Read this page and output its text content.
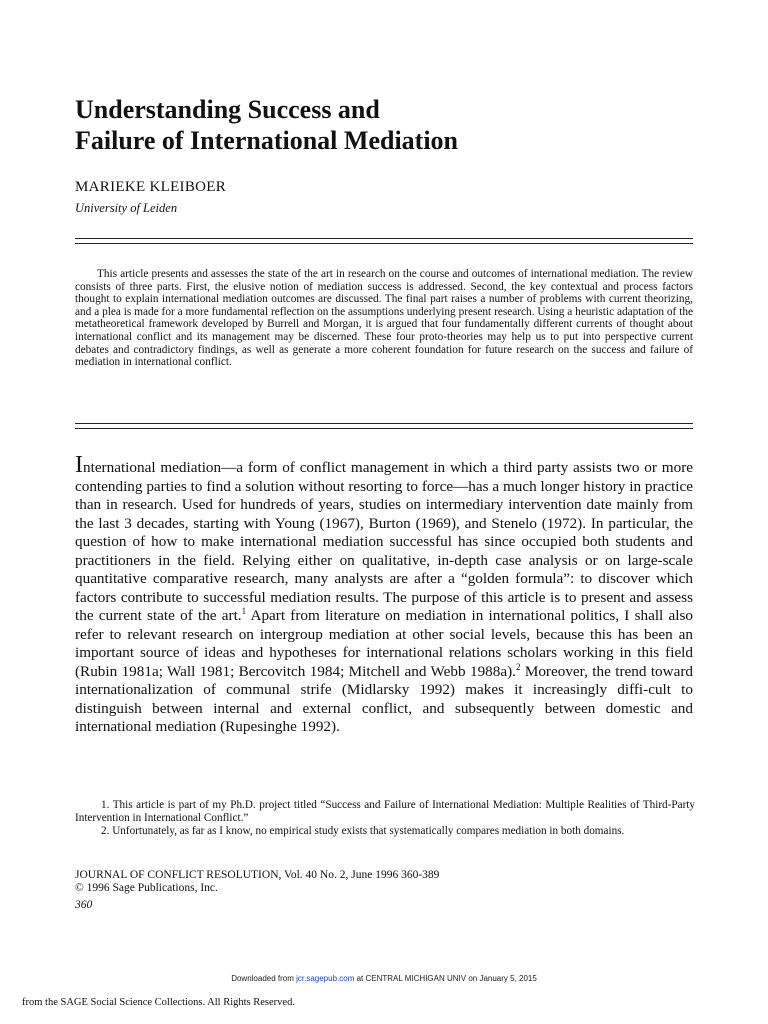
Understanding Success and
Failure of International Mediation
MARIEKE KLEIBOER
University of Leiden

This article presents and assesses the state of the art in research on the course and outcomes of international mediation. The review consists of three parts. First, the elusive notion of mediation success is addressed. Second, the key contextual and process factors thought to explain international mediation outcomes are discussed. The final part raises a number of problems with current theorizing, and a plea is made for a more fundamental reflection on the assumptions underlying present research. Using a heuristic adaptation of the metatheoretical framework developed by Burrell and Morgan, it is argued that four fundamentally different currents of thought about international conflict and its management may be discerned. These four proto-theories may help us to put into perspective current debates and contradictory findings, as well as generate a more coherent foundation for future research on the success and failure of mediation in international conflict.

International mediation—a form of conflict management in which a third party assists two or more contending parties to find a solution without resorting to force—has a much longer history in practice than in research. Used for hundreds of years, studies on intermediary intervention date mainly from the last 3 decades, starting with Young (1967), Burton (1969), and Stenelo (1972). In particular, the question of how to make international mediation successful has since occupied both students and practitioners in the field. Relying either on qualitative, in-depth case analysis or on large-scale quantitative comparative research, many analysts are after a “golden formula”: to discover which factors contribute to successful mediation results. The purpose of this article is to present and assess the current state of the art.$^1$ Apart from literature on mediation in international politics, I shall also refer to relevant research on intergroup mediation at other social levels, because this has been an important source of ideas and hypotheses for international relations scholars working in this field (Rubin 1981a; Wall 1981; Bercovitch 1984; Mitchell and Webb 1988a).$^2$ Moreover, the trend toward internationalization of communal strife (Midlarsky 1992) makes it increasingly diffi-cult to distinguish between internal and external conflict, and subsequently between domestic and international mediation (Rupesinghe 1992).

1. This article is part of my Ph.D. project titled “Success and Failure of International Mediation: Multiple Realities of Third-Party Intervention in International Conflict.”

2. Unfortunately, as far as I know, no empirical study exists that systematically compares mediation in both domains.

JOURNAL OF CONFLICT RESOLUTION, Vol. 40 No. 2, June 1996 360-389
© 1996 Sage Publications, Inc.
360
Downloaded from jcr.sagepub.com at CENTRAL MICHIGAN UNIV on January 5, 2015
from the SAGE Social Science Collections. All Rights Reserved.
